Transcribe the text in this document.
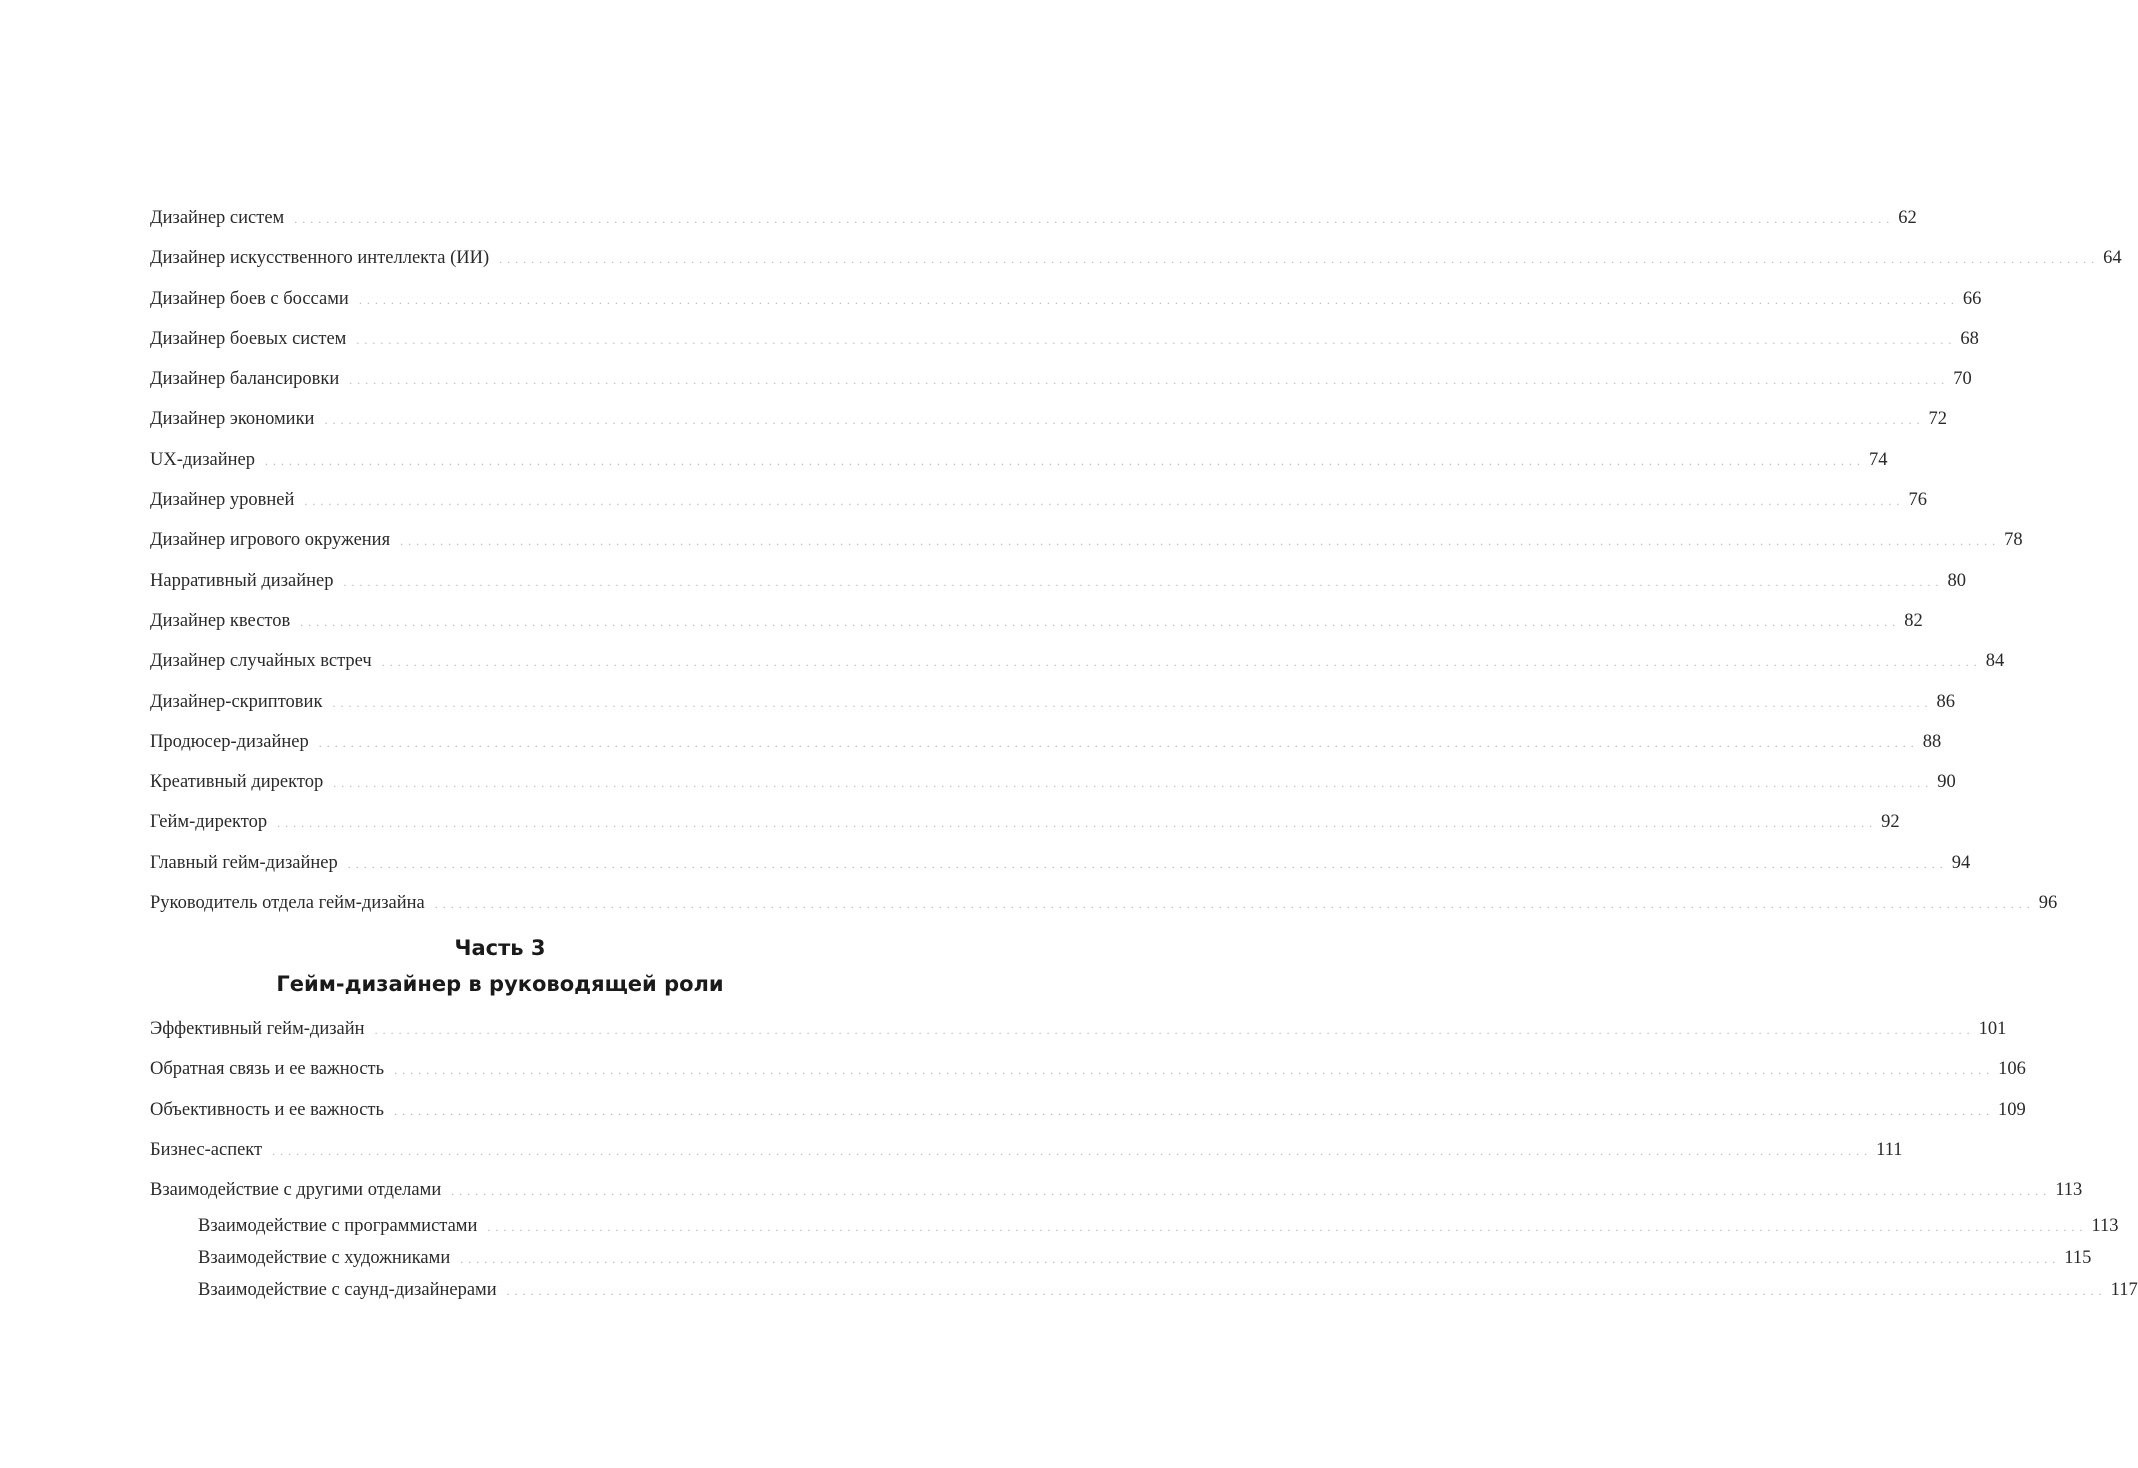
Дизайнер систем . . . . . . . . . . . . . . . . . . . . . . . . . . . . . . . . . . . . . . . . . . . . . . . . . . . . . . . . . . . . . . . . . . . . . . . . . . . . . . . . . . . . . . . . . . . . . . . . . . . . . . . . . . . . . . . . . . . . . . . . . . . . . . . . . . . . . . . . . . . . . . . . . . . . . . . . . . . . . . . . . . . . . . . . . . . . . . . . . . . . . . . . . . . . . . . . . . . . . . . . 62
Дизайнер искусственного интеллекта (ИИ) . . . . . . . . . . . . . . . . . . . . . . . . . . . . . . . . . . . . . . . . . . . . . . . . . . . . . . . . . . . . . . . . . . . . . . . . . . . . . . . . . . . . . . . . . . . . . . . . . . . . . . . . . . . . . . . . . . . . . . . . . . . . . . . . . . . . . . . . . . . . . . . . . . . . . . . . . . . . . . . . . . . . . . . . . . . . . . . . . . . . . . . . . . . . . . . . . . . . . . . . 64
Дизайнер боев с боссами . . . . . . . . . . . . . . . . . . . . . . . . . . . . . . . . . . . . . . . . . . . . . . . . . . . . . . . . . . . . . . . . . . . . . . . . . . . . . . . . . . . . . . . . . . . . . . . . . . . . . . . . . . . . . . . . . . . . . . . . . . . . . . . . . . . . . . . . . . . . . . . . . . . . . . . . . . . . . . . . . . . . . . . . . . . . . . . . . . . . . . . . . . . . . . . . . . . . . . . . 66
Дизайнер боевых систем . . . . . . . . . . . . . . . . . . . . . . . . . . . . . . . . . . . . . . . . . . . . . . . . . . . . . . . . . . . . . . . . . . . . . . . . . . . . . . . . . . . . . . . . . . . . . . . . . . . . . . . . . . . . . . . . . . . . . . . . . . . . . . . . . . . . . . . . . . . . . . . . . . . . . . . . . . . . . . . . . . . . . . . . . . . . . . . . . . . . . . . . . . . . . . . . . . . . . . . . 68
Дизайнер балансировки . . . . . . . . . . . . . . . . . . . . . . . . . . . . . . . . . . . . . . . . . . . . . . . . . . . . . . . . . . . . . . . . . . . . . . . . . . . . . . . . . . . . . . . . . . . . . . . . . . . . . . . . . . . . . . . . . . . . . . . . . . . . . . . . . . . . . . . . . . . . . . . . . . . . . . . . . . . . . . . . . . . . . . . . . . . . . . . . . . . . . . . . . . . . . . . . . . . . . . . . 70
Дизайнер экономики . . . . . . . . . . . . . . . . . . . . . . . . . . . . . . . . . . . . . . . . . . . . . . . . . . . . . . . . . . . . . . . . . . . . . . . . . . . . . . . . . . . . . . . . . . . . . . . . . . . . . . . . . . . . . . . . . . . . . . . . . . . . . . . . . . . . . . . . . . . . . . . . . . . . . . . . . . . . . . . . . . . . . . . . . . . . . . . . . . . . . . . . . . . . . . . . . . . . . . . . 72
UX-дизайнер . . . . . . . . . . . . . . . . . . . . . . . . . . . . . . . . . . . . . . . . . . . . . . . . . . . . . . . . . . . . . . . . . . . . . . . . . . . . . . . . . . . . . . . . . . . . . . . . . . . . . . . . . . . . . . . . . . . . . . . . . . . . . . . . . . . . . . . . . . . . . . . . . . . . . . . . . . . . . . . . . . . . . . . . . . . . . . . . . . . . . . . . . . . . . . . . . . . . . . . . 74
Дизайнер уровней . . . . . . . . . . . . . . . . . . . . . . . . . . . . . . . . . . . . . . . . . . . . . . . . . . . . . . . . . . . . . . . . . . . . . . . . . . . . . . . . . . . . . . . . . . . . . . . . . . . . . . . . . . . . . . . . . . . . . . . . . . . . . . . . . . . . . . . . . . . . . . . . . . . . . . . . . . . . . . . . . . . . . . . . . . . . . . . . . . . . . . . . . . . . . . . . . . . . . . . . 76
Дизайнер игрового окружения . . . . . . . . . . . . . . . . . . . . . . . . . . . . . . . . . . . . . . . . . . . . . . . . . . . . . . . . . . . . . . . . . . . . . . . . . . . . . . . . . . . . . . . . . . . . . . . . . . . . . . . . . . . . . . . . . . . . . . . . . . . . . . . . . . . . . . . . . . . . . . . . . . . . . . . . . . . . . . . . . . . . . . . . . . . . . . . . . . . . . . . . . . . . . . . . . . . . . . . . 78
Нарративный дизайнер . . . . . . . . . . . . . . . . . . . . . . . . . . . . . . . . . . . . . . . . . . . . . . . . . . . . . . . . . . . . . . . . . . . . . . . . . . . . . . . . . . . . . . . . . . . . . . . . . . . . . . . . . . . . . . . . . . . . . . . . . . . . . . . . . . . . . . . . . . . . . . . . . . . . . . . . . . . . . . . . . . . . . . . . . . . . . . . . . . . . . . . . . . . . . . . . . . . . . . . . 80
Дизайнер квестов . . . . . . . . . . . . . . . . . . . . . . . . . . . . . . . . . . . . . . . . . . . . . . . . . . . . . . . . . . . . . . . . . . . . . . . . . . . . . . . . . . . . . . . . . . . . . . . . . . . . . . . . . . . . . . . . . . . . . . . . . . . . . . . . . . . . . . . . . . . . . . . . . . . . . . . . . . . . . . . . . . . . . . . . . . . . . . . . . . . . . . . . . . . . . . . . . . . . . . . . 82
Дизайнер случайных встреч . . . . . . . . . . . . . . . . . . . . . . . . . . . . . . . . . . . . . . . . . . . . . . . . . . . . . . . . . . . . . . . . . . . . . . . . . . . . . . . . . . . . . . . . . . . . . . . . . . . . . . . . . . . . . . . . . . . . . . . . . . . . . . . . . . . . . . . . . . . . . . . . . . . . . . . . . . . . . . . . . . . . . . . . . . . . . . . . . . . . . . . . . . . . . . . . . . . . . . . . 84
Дизайнер-скриптовик . . . . . . . . . . . . . . . . . . . . . . . . . . . . . . . . . . . . . . . . . . . . . . . . . . . . . . . . . . . . . . . . . . . . . . . . . . . . . . . . . . . . . . . . . . . . . . . . . . . . . . . . . . . . . . . . . . . . . . . . . . . . . . . . . . . . . . . . . . . . . . . . . . . . . . . . . . . . . . . . . . . . . . . . . . . . . . . . . . . . . . . . . . . . . . . . . . . . . . . . 86
Продюсер-дизайнер . . . . . . . . . . . . . . . . . . . . . . . . . . . . . . . . . . . . . . . . . . . . . . . . . . . . . . . . . . . . . . . . . . . . . . . . . . . . . . . . . . . . . . . . . . . . . . . . . . . . . . . . . . . . . . . . . . . . . . . . . . . . . . . . . . . . . . . . . . . . . . . . . . . . . . . . . . . . . . . . . . . . . . . . . . . . . . . . . . . . . . . . . . . . . . . . . . . . . . . . 88
Креативный директор . . . . . . . . . . . . . . . . . . . . . . . . . . . . . . . . . . . . . . . . . . . . . . . . . . . . . . . . . . . . . . . . . . . . . . . . . . . . . . . . . . . . . . . . . . . . . . . . . . . . . . . . . . . . . . . . . . . . . . . . . . . . . . . . . . . . . . . . . . . . . . . . . . . . . . . . . . . . . . . . . . . . . . . . . . . . . . . . . . . . . . . . . . . . . . . . . . . . . . . . 90
Гейм-директор . . . . . . . . . . . . . . . . . . . . . . . . . . . . . . . . . . . . . . . . . . . . . . . . . . . . . . . . . . . . . . . . . . . . . . . . . . . . . . . . . . . . . . . . . . . . . . . . . . . . . . . . . . . . . . . . . . . . . . . . . . . . . . . . . . . . . . . . . . . . . . . . . . . . . . . . . . . . . . . . . . . . . . . . . . . . . . . . . . . . . . . . . . . . . . . . . . . . . . . . 92
Главный гейм-дизайнер . . . . . . . . . . . . . . . . . . . . . . . . . . . . . . . . . . . . . . . . . . . . . . . . . . . . . . . . . . . . . . . . . . . . . . . . . . . . . . . . . . . . . . . . . . . . . . . . . . . . . . . . . . . . . . . . . . . . . . . . . . . . . . . . . . . . . . . . . . . . . . . . . . . . . . . . . . . . . . . . . . . . . . . . . . . . . . . . . . . . . . . . . . . . . . . . . . . . . . . . 94
Руководитель отдела гейм-дизайна . . . . . . . . . . . . . . . . . . . . . . . . . . . . . . . . . . . . . . . . . . . . . . . . . . . . . . . . . . . . . . . . . . . . . . . . . . . . . . . . . . . . . . . . . . . . . . . . . . . . . . . . . . . . . . . . . . . . . . . . . . . . . . . . . . . . . . . . . . . . . . . . . . . . . . . . . . . . . . . . . . . . . . . . . . . . . . . . . . . . . . . . . . . . . . . . . . . . . . . . 96
Часть 3
Гейм-дизайнер в руководящей роли
Эффективный гейм-дизайн . . . . . . . . . . . . . . . . . . . . . . . . . . . . . . . . . . . . . . . . . . . . . . . . . . . . . . . . . . . . . . . . . . . . . . . . . . . . . . . . . . . . . . . . . . . . . . . . . . . . . . . . . . . . . . . . . . . . . . . . . . . . . . . . . . . . . . . . . . . . . . . . . . . . . . . . . . . . . . . . . . . . . . . . . . . . . . . . . . . . . . . . . . . . . . . . . . . . . . . . 101
Обратная связь и ее важность . . . . . . . . . . . . . . . . . . . . . . . . . . . . . . . . . . . . . . . . . . . . . . . . . . . . . . . . . . . . . . . . . . . . . . . . . . . . . . . . . . . . . . . . . . . . . . . . . . . . . . . . . . . . . . . . . . . . . . . . . . . . . . . . . . . . . . . . . . . . . . . . . . . . . . . . . . . . . . . . . . . . . . . . . . . . . . . . . . . . . . . . . . . . . . . . . . . . . . . . 106
Объективность и ее важность . . . . . . . . . . . . . . . . . . . . . . . . . . . . . . . . . . . . . . . . . . . . . . . . . . . . . . . . . . . . . . . . . . . . . . . . . . . . . . . . . . . . . . . . . . . . . . . . . . . . . . . . . . . . . . . . . . . . . . . . . . . . . . . . . . . . . . . . . . . . . . . . . . . . . . . . . . . . . . . . . . . . . . . . . . . . . . . . . . . . . . . . . . . . . . . . . . . . . . . . 109
Бизнес-аспект . . . . . . . . . . . . . . . . . . . . . . . . . . . . . . . . . . . . . . . . . . . . . . . . . . . . . . . . . . . . . . . . . . . . . . . . . . . . . . . . . . . . . . . . . . . . . . . . . . . . . . . . . . . . . . . . . . . . . . . . . . . . . . . . . . . . . . . . . . . . . . . . . . . . . . . . . . . . . . . . . . . . . . . . . . . . . . . . . . . . . . . . . . . . . . . . . . . . . . . . 111
Взаимодействие с другими отделами . . . . . . . . . . . . . . . . . . . . . . . . . . . . . . . . . . . . . . . . . . . . . . . . . . . . . . . . . . . . . . . . . . . . . . . . . . . . . . . . . . . . . . . . . . . . . . . . . . . . . . . . . . . . . . . . . . . . . . . . . . . . . . . . . . . . . . . . . . . . . . . . . . . . . . . . . . . . . . . . . . . . . . . . . . . . . . . . . . . . . . . . . . . . . . . . . . . . . . . . 113
Взаимодействие с программистами . . . . . . . . . . . . . . . . . . . . . . . . . . . . . . . . . . . . . . . . . . . . . . . . . . . . . . . . . . . . . . . . . . . . . . . . . . . . . . . . . . . . . . . . . . . . . . . . . . . . . . . . . . . . . . . . . . . . . . . . . . . . . . . . . . . . . . . . . . . . . . . . . . . . . . . . . . . . . . . . . . . . . . . . . . . . . . . . . . . . . . . . . . . . . . . . . . . . . . . . 113
Взаимодействие с художниками . . . . . . . . . . . . . . . . . . . . . . . . . . . . . . . . . . . . . . . . . . . . . . . . . . . . . . . . . . . . . . . . . . . . . . . . . . . . . . . . . . . . . . . . . . . . . . . . . . . . . . . . . . . . . . . . . . . . . . . . . . . . . . . . . . . . . . . . . . . . . . . . . . . . . . . . . . . . . . . . . . . . . . . . . . . . . . . . . . . . . . . . . . . . . . . . . . . . . . . . 115
Взаимодействие с саунд-дизайнерами . . . . . . . . . . . . . . . . . . . . . . . . . . . . . . . . . . . . . . . . . . . . . . . . . . . . . . . . . . . . . . . . . . . . . . . . . . . . . . . . . . . . . . . . . . . . . . . . . . . . . . . . . . . . . . . . . . . . . . . . . . . . . . . . . . . . . . . . . . . . . . . . . . . . . . . . . . . . . . . . . . . . . . . . . . . . . . . . . . . . . . . . . . . . . . . . . . . . . . . . 117
